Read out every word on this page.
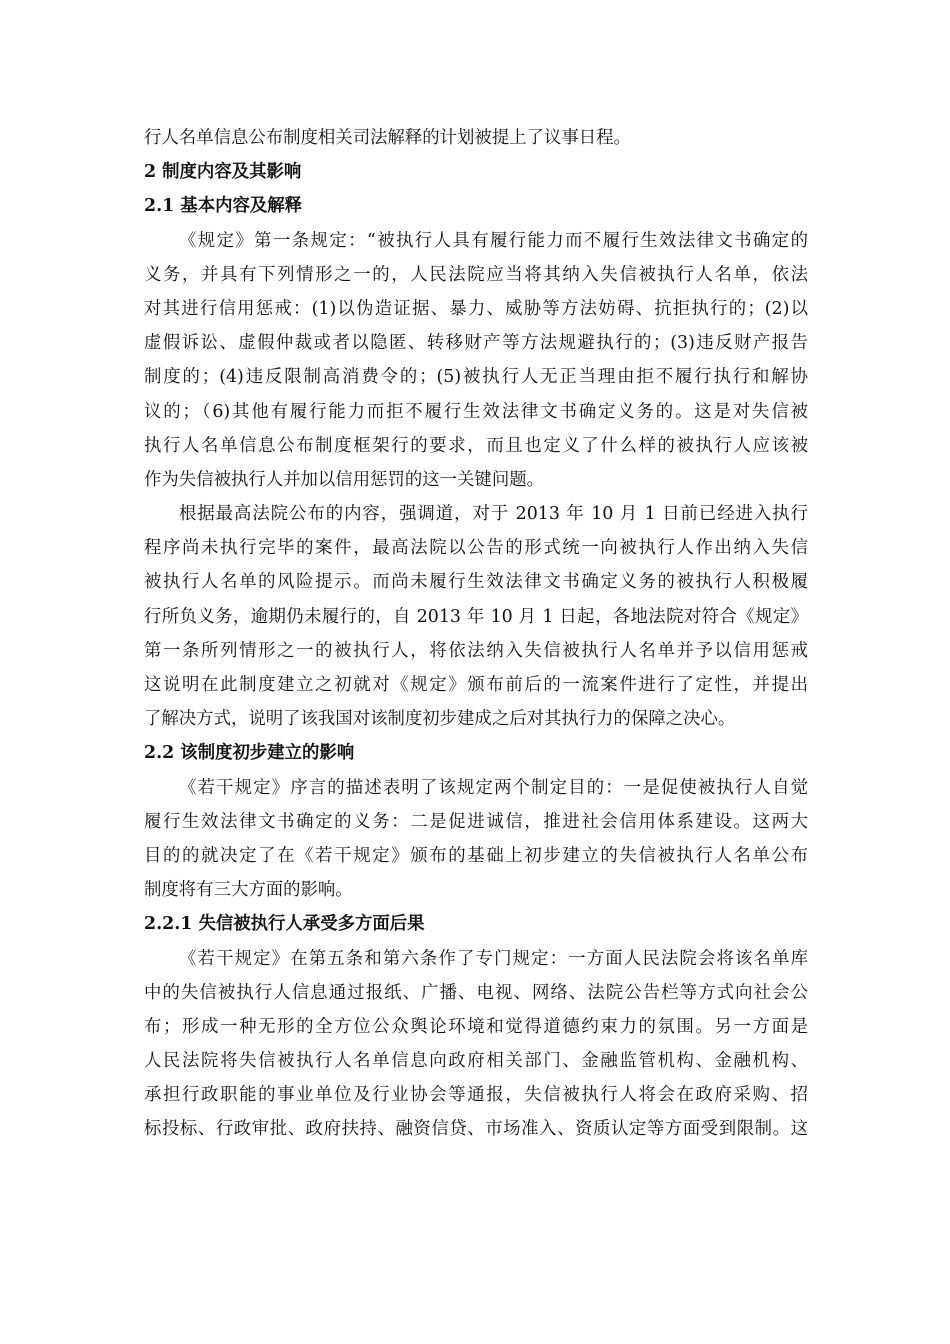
行人名单信息公布制度相关司法解释的计划被提上了议事日程。
2 制度内容及其影响
2.1 基本内容及解释
《规定》第一条规定：“被执行人具有履行能力而不履行生效法律文书确定的
义务，并具有下列情形之一的，人民法院应当将其纳入失信被执行人名单，依法
对其进行信用惩戒：(1)以伪造证据、暴力、威胁等方法妨碍、抗拒执行的；(2)以
虚假诉讼、虚假仲裁或者以隐匿、转移财产等方法规避执行的；(3)违反财产报告
制度的；(4)违反限制高消费令的；(5)被执行人无正当理由拒不履行执行和解协
议的；（6)其他有履行能力而拒不履行生效法律文书确定义务的。这是对失信被
执行人名单信息公布制度框架行的要求，而且也定义了什么样的被执行人应该被
作为失信被执行人并加以信用惩罚的这一关键问题。
根据最高法院公布的内容，强调道，对于 2013 年 10 月 1 日前已经进入执行
程序尚未执行完毕的案件，最高法院以公告的形式统一向被执行人作出纳入失信
被执行人名单的风险提示。而尚未履行生效法律文书确定义务的被执行人积极履
行所负义务，逾期仍未履行的，自 2013 年 10 月 1 日起，各地法院对符合《规定》
第一条所列情形之一的被执行人，将依法纳入失信被执行人名单并予以信用惩戒
这说明在此制度建立之初就对《规定》颁布前后的一流案件进行了定性，并提出
了解决方式，说明了该我国对该制度初步建成之后对其执行力的保障之决心。
2.2 该制度初步建立的影响
《若干规定》序言的描述表明了该规定两个制定目的：一是促使被执行人自觉
履行生效法律文书确定的义务：二是促进诚信，推进社会信用体系建设。这两大
目的的就决定了在《若干规定》颁布的基础上初步建立的失信被执行人名单公布
制度将有三大方面的影响。
2.2.1 失信被执行人承受多方面后果
《若干规定》在第五条和第六条作了专门规定：一方面人民法院会将该名单库
中的失信被执行人信息通过报纸、广播、电视、网络、法院公告栏等方式向社会公
布；形成一种无形的全方位公众舆论环境和觉得道德约束力的氛围。另一方面是
人民法院将失信被执行人名单信息向政府相关部门、金融监管机构、金融机构、
承担行政职能的事业单位及行业协会等通报，失信被执行人将会在政府采购、招
标投标、行政审批、政府扶持、融资信贷、市场准入、资质认定等方面受到限制。这
